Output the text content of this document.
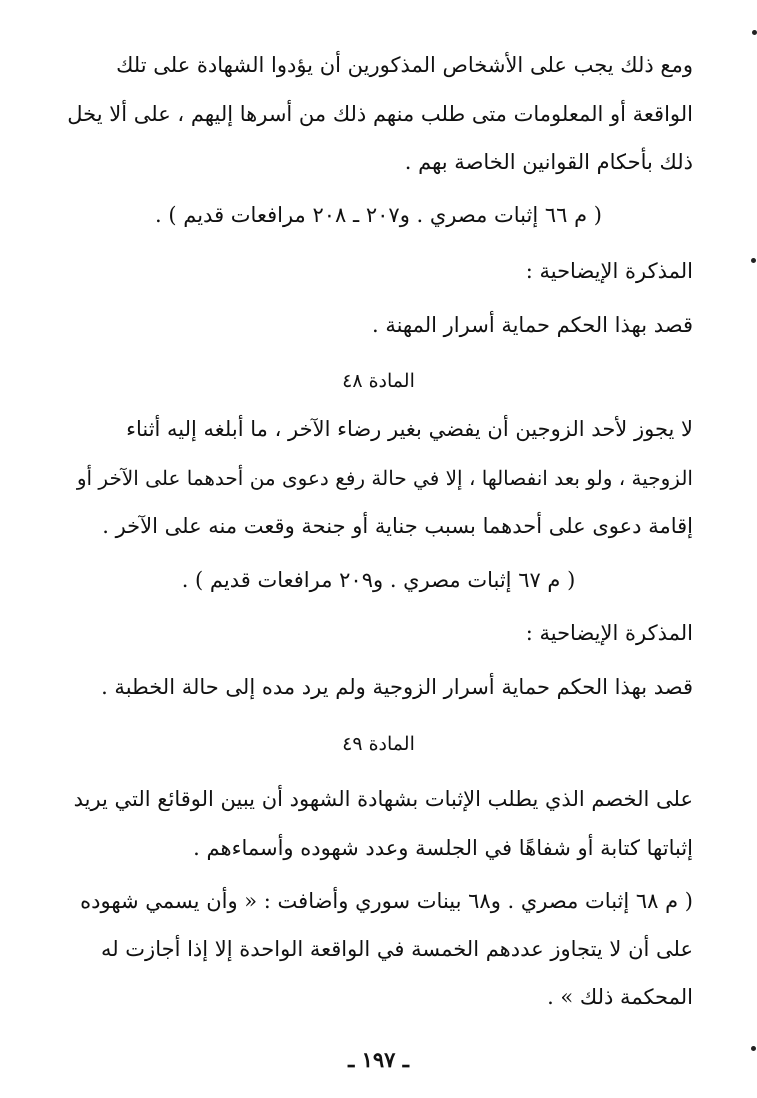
ومع ذلك يجب على الأشخاص المذكورين أن يؤدوا الشهادة على تلك
الواقعة أو المعلومات متى طلب منهم ذلك من أسرها إليهم ، على ألا يخل
ذلك بأحكام القوانين الخاصة بهم .
( م ٦٦ إثبات مصري . و٢٠٧ ـ ٢٠٨ مرافعات قديم ) .
المذكرة الإيضاحية :
قصد بهذا الحكم حماية أسرار المهنة .
المادة ٤٨
لا يجوز لأحد الزوجين أن يفضي بغير رضاء الآخر ، ما أبلغه إليه أثناء
الزوجية ، ولو بعد انفصالها ، إلا في حالة رفع دعوى من أحدهما على الآخر أو
إقامة دعوى على أحدهما بسبب جناية أو جنحة وقعت منه على الآخر .
( م ٦٧ إثبات مصري . و٢٠٩ مرافعات قديم ) .
المذكرة الإيضاحية :
قصد بهذا الحكم حماية أسرار الزوجية ولم يرد مده إلى حالة الخطبة .
المادة ٤٩
على الخصم الذي يطلب الإثبات بشهادة الشهود أن يبين الوقائع التي يريد
إثباتها كتابة أو شفاهًا في الجلسة وعدد شهوده وأسماءهم .
( م ٦٨ إثبات مصري . و٦٨ بينات سوري وأضافت : « وأن يسمي شهوده
على أن لا يتجاوز عددهم الخمسة في الواقعة الواحدة إلا إذا أجازت له
المحكمة ذلك » .
ـ ١٩٧ ـ
